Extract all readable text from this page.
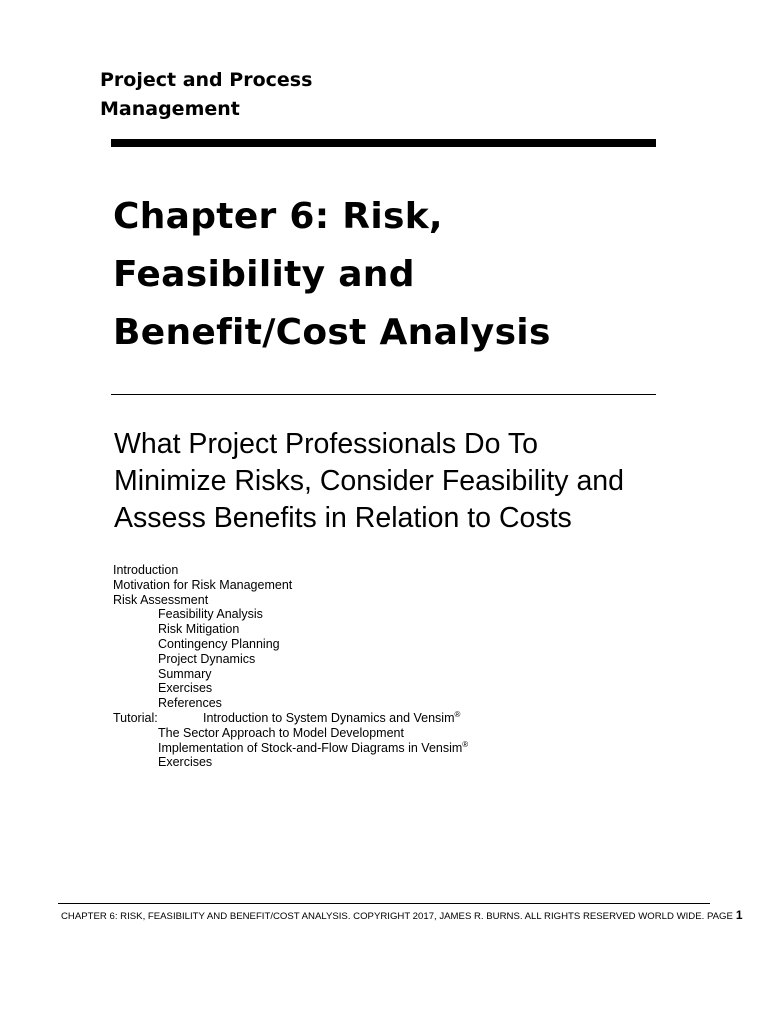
Project and Process
Management
Chapter 6: Risk,
Feasibility and
Benefit/Cost Analysis
What Project Professionals Do To
Minimize Risks, Consider Feasibility and
Assess Benefits in Relation to Costs
Introduction
Motivation for Risk Management
Risk Assessment
Feasibility Analysis
Risk Mitigation
Contingency Planning
Project Dynamics
Summary
Exercises
References
Tutorial:	Introduction to System Dynamics and Vensim®
The Sector Approach to Model Development
Implementation of Stock-and-Flow Diagrams in Vensim®
Exercises
CHAPTER 6: RISK, FEASIBILITY AND BENEFIT/COST ANALYSIS. COPYRIGHT 2017, JAMES R. BURNS. ALL RIGHTS RESERVED WORLD WIDE. PAGE 1
